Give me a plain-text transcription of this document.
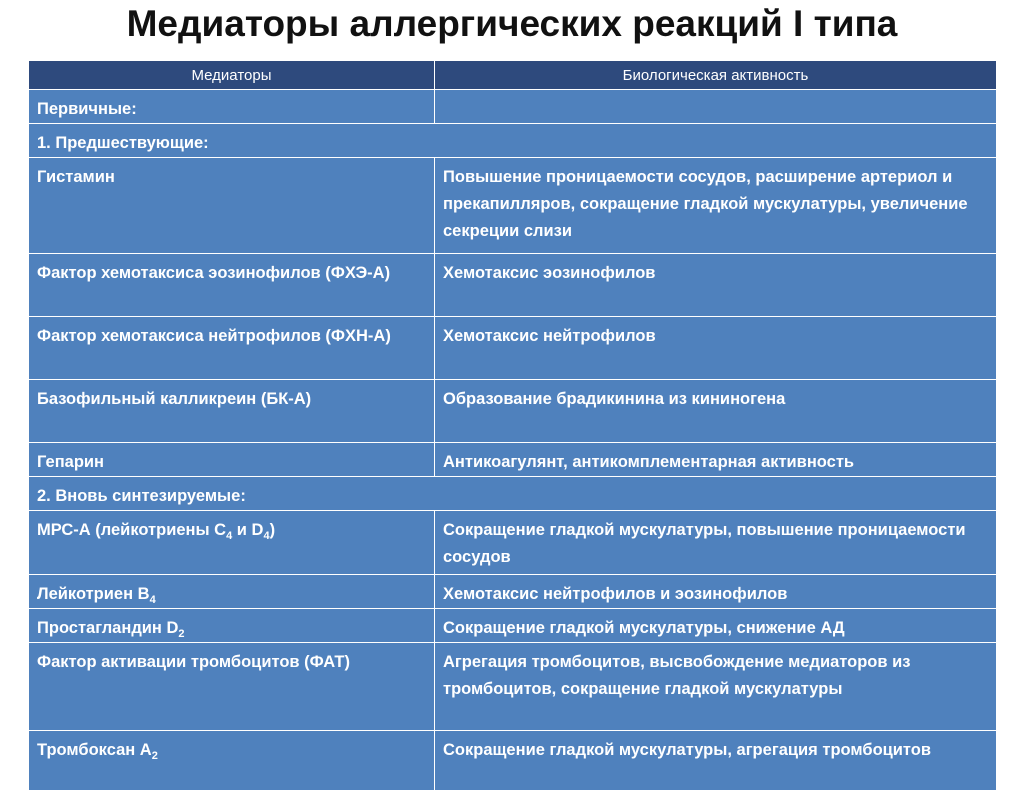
Медиаторы аллергических реакций I типа
Медиаторы	Биологическая активность
Первичные:	
1. Предшествующие:	
Гистамин	Повышение проницаемости сосудов, расширение артериол и прекапилляров, сокращение гладкой мускулатуры, увеличение секреции слизи
Фактор хемотаксиса эозинофилов (ФХЭ-А)	Хемотаксис эозинофилов
Фактор хемотаксиса нейтрофилов (ФХН-А)	Хемотаксис нейтрофилов
Базофильный калликреин (БК-А)	Образование брадикинина из кининогена
Гепарин	Антикоагулянт, антикомплементарная активность
2. Вновь синтезируемые:	
МРС-А (лейкотриены $С_4$ и $D_4$)	Сокращение гладкой мускулатуры, повышение проницаемости сосудов
Лейкотриен $В_4$	Хемотаксис нейтрофилов и эозинофилов
Простагландин $D_2$	Сокращение гладкой мускулатуры, снижение АД
Фактор активации тромбоцитов (ФАТ)	Агрегация тромбоцитов, высвобождение медиаторов из тромбоцитов, сокращение гладкой мускулатуры
Тромбоксан $А_2$	Сокращение гладкой мускулатуры, агрегация тромбоцитов
